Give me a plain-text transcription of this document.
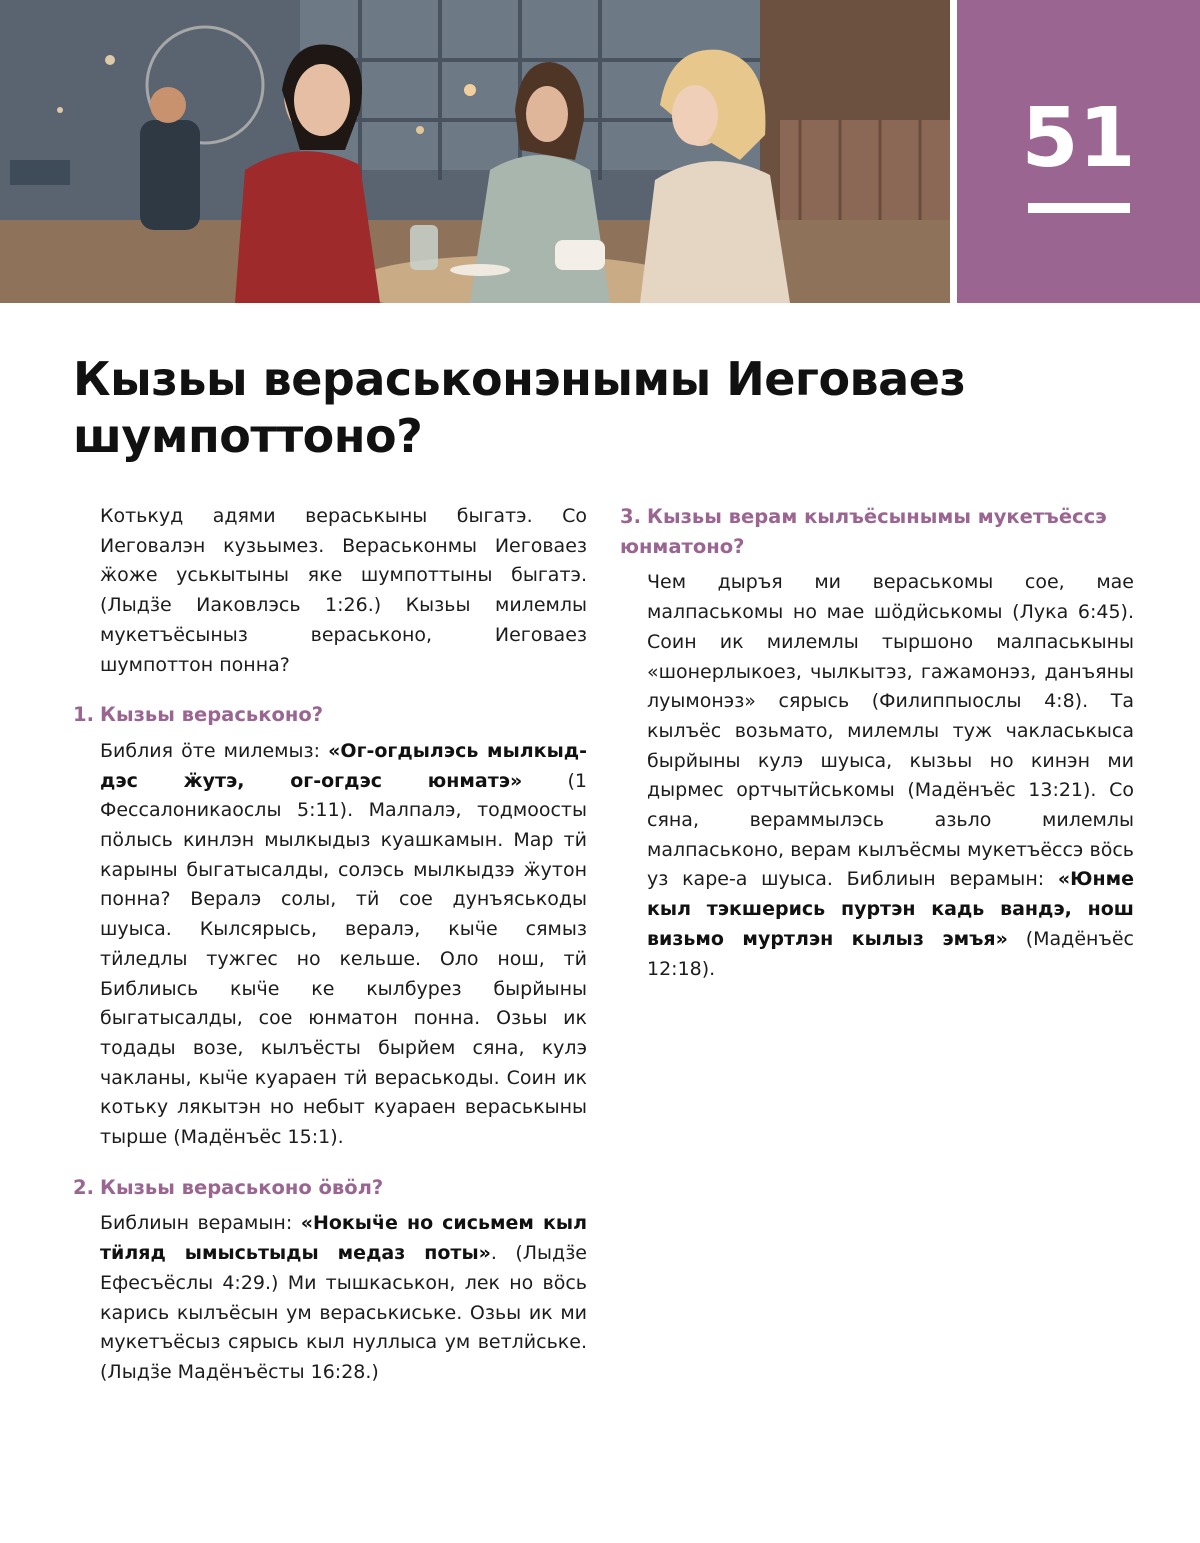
51
Кызьы вераськонэнымы Иеговаез шумпоттоно?

Котькуд адями вераськыны быгатэ. Со Иеговалэн кузьымез. Вераськонмы Иеговаез ӝоже уськытыны яке шумпоттыны быгатэ. (Лыдӟе Иаковлэсь 1:26.) Кызьы милемлы мукетъёсыныз вераськоно, Иеговаез шумпоттон понна?

1. Кызьы вераськоно?

Библия ӧте милемыз: «Ог-огдылэсь мылкыддэс ӝутэ, ог-огдэс юнматэ» (1 Фессалоникаослы 5:11). Малпалэ, тодмоосты пӧлысь кинлэн мылкыдыз куашкамын. Мар тӥ карыны быгатысалды, солэсь мылкыдзэ ӝутон понна? Вералэ солы, тӥ сое дунъяськоды шуыса. Кылсярысь, вералэ, кыӵе сямыз тӥледлы тужгес но кельше. Оло нош, тӥ Библиысь кыӵе ке кылбурез бырйыны быгатысалды, сое юнматон понна. Озьы ик тодады возе, кылъёсты бырйем сяна, кулэ чакланы, кыӵе куараен тӥ вераськоды. Соин ик котьку лякытэн но небыт куараен вераськыны тырше (Мадёнъёс 15:1).

2. Кызьы вераськоно ӧвӧл?

Библиын верамын: «Нокыӵе но сисьмем кыл тӥляд ымысьтыды медаз поты». (Лыдӟе Ефесъёслы 4:29.) Ми тышкаськон, лек но вӧсь карись кылъёсын ум вераськиськe. Озьы ик ми мукетъёсыз сярысь кыл нуллыса ум ветлӥське. (Лыдӟе Мадёнъёсты 16:28.)

3. Кызьы верам кылъёсынымы мукетъёссэ юнматоно?

Чем дыръя ми вераськомы сое, мае малпаськомы но мае шӧдӥськомы (Лука 6:45). Соин ик милемлы тыршоно малпаськыны «шонерлыкоез, чылкытэз, гажамонэз, данъяны луымонэз» сярысь (Филиппыослы 4:8). Та кылъёс возьмато, милемлы туж чакласькыса бырйыны кулэ шуыса, кызьы но кинэн ми дырмес ортчытӥськомы (Мадёнъёс 13:21). Со сяна, вераммылэсь азьло милемлы малпаськоно, верам кылъёсмы мукетъёссэ вӧсь уз каре-а шуыса. Библиын верамын: «Юнме кыл тэкшерись пуртэн кадь вандэ, нош визьмо муртлэн кылыз эмъя» (Мадёнъёс 12:18).
